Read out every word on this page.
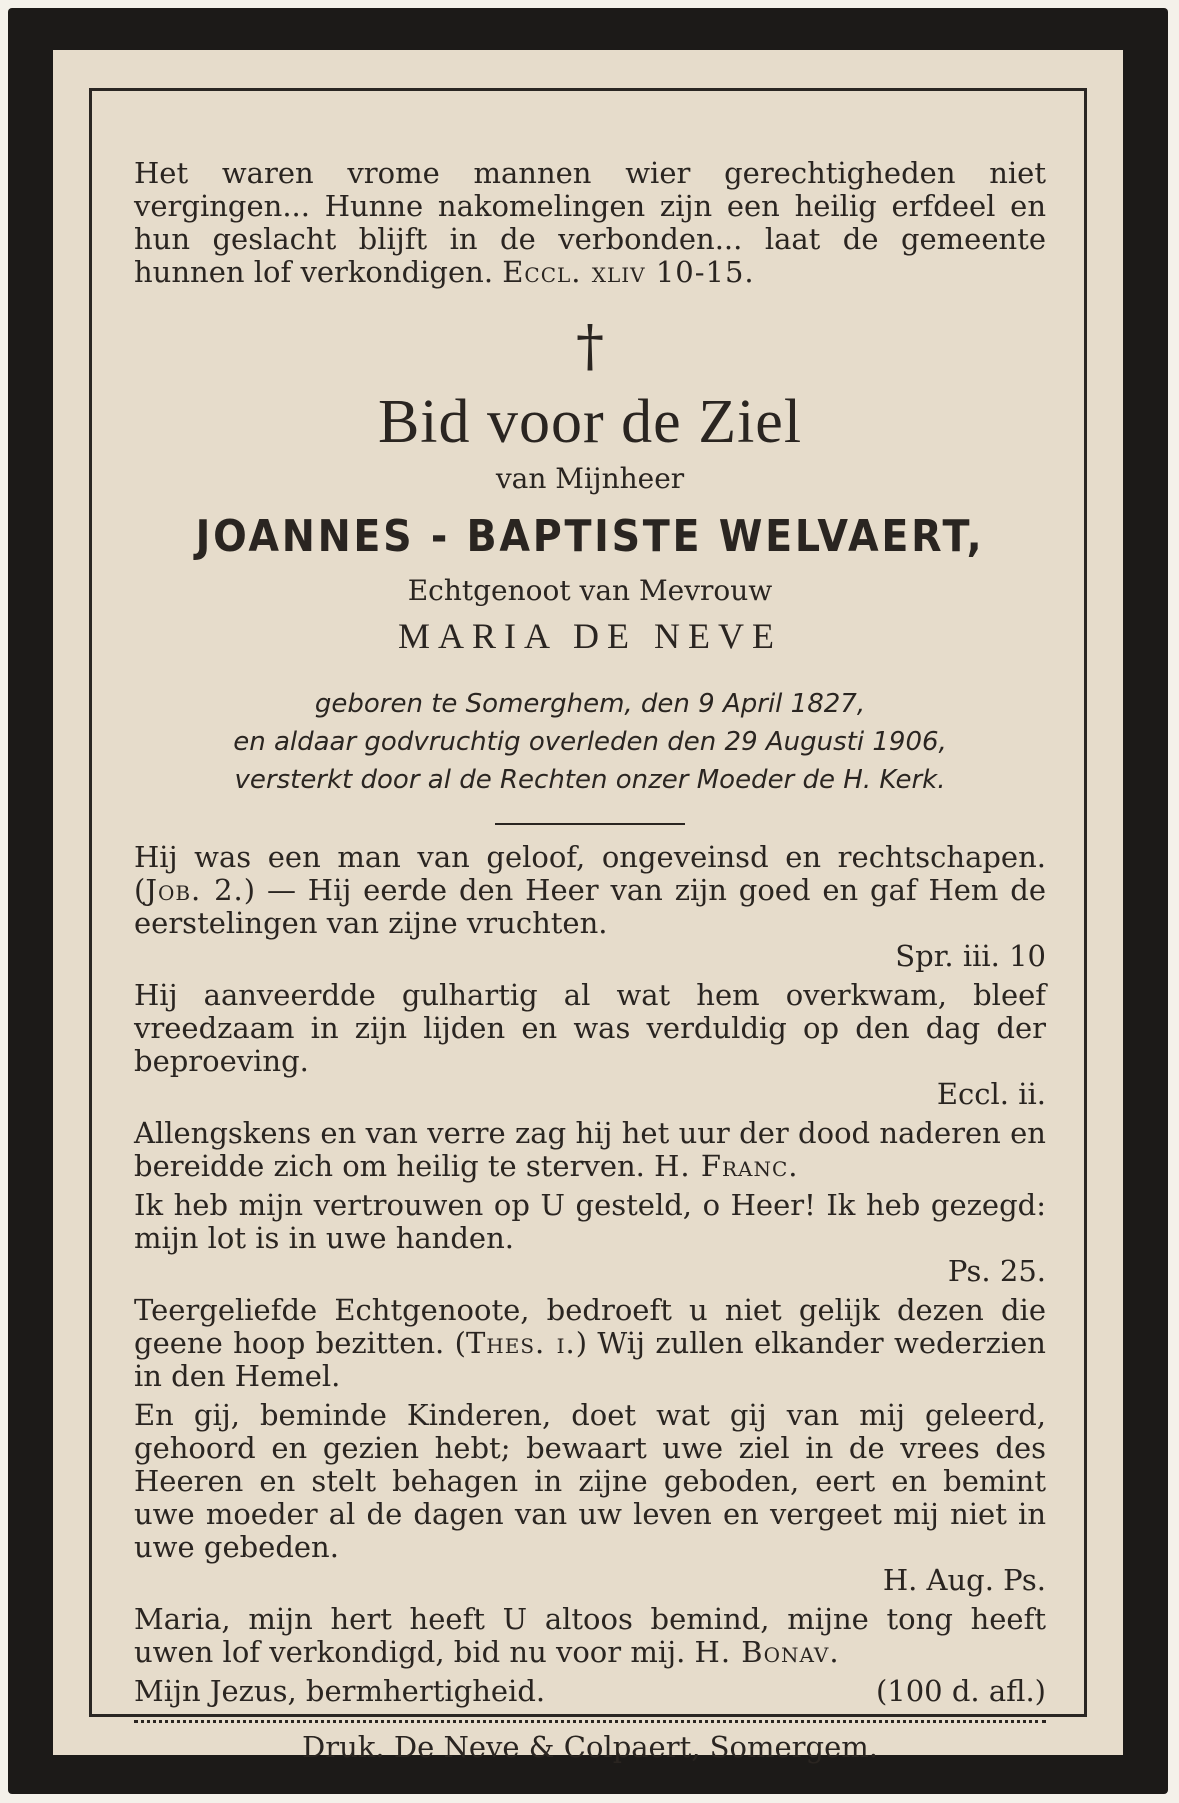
Het waren vrome mannen wier gerechtigheden niet vergingen... Hunne nakomelingen zijn een heilig erfdeel en hun geslacht blijft in de verbonden... laat de gemeente hunnen lof verkondigen. Eccl. xliv 10-15.

†
Bid voor de Ziel
van Mijnheer
JOANNES - BAPTISTE WELVAERT,
Echtgenoot van Mevrouw
MARIA DE NEVE
geboren te Somerghem, den 9 April 1827,
en aldaar godvruchtig overleden den 29 Augusti 1906,
versterkt door al de Rechten onzer Moeder de H. Kerk.

Hij was een man van geloof, ongeveinsd en rechtschapen. (Job. 2.) — Hij eerde den Heer van zijn goed en gaf Hem de eerstelingen van zijne vruchten.

Spr. iii. 10

Hij aanveerdde gulhartig al wat hem overkwam, bleef vreedzaam in zijn lijden en was verduldig op den dag der beproeving.

Eccl. ii.

Allengskens en van verre zag hij het uur der dood naderen en bereidde zich om heilig te sterven. H. Franc.

Ik heb mijn vertrouwen op U gesteld, o Heer! Ik heb gezegd: mijn lot is in uwe handen.

Ps. 25.

Teergeliefde Echtgenoote, bedroeft u niet gelijk dezen die geene hoop bezitten. (Thes. i.) Wij zullen elkander wederzien in den Hemel.

En gij, beminde Kinderen, doet wat gij van mij geleerd, gehoord en gezien hebt; bewaart uwe ziel in de vrees des Heeren en stelt behagen in zijne geboden, eert en bemint uwe moeder al de dagen van uw leven en vergeet mij niet in uwe gebeden.

H. Aug. Ps.

Maria, mijn hert heeft U altoos bemind, mijne tong heeft uwen lof verkondigd, bid nu voor mij. H. Bonav.

Mijn Jezus, bermhertigheid.	(100 d. afl.)
Druk. De Neve & Colpaert, Somergem.
